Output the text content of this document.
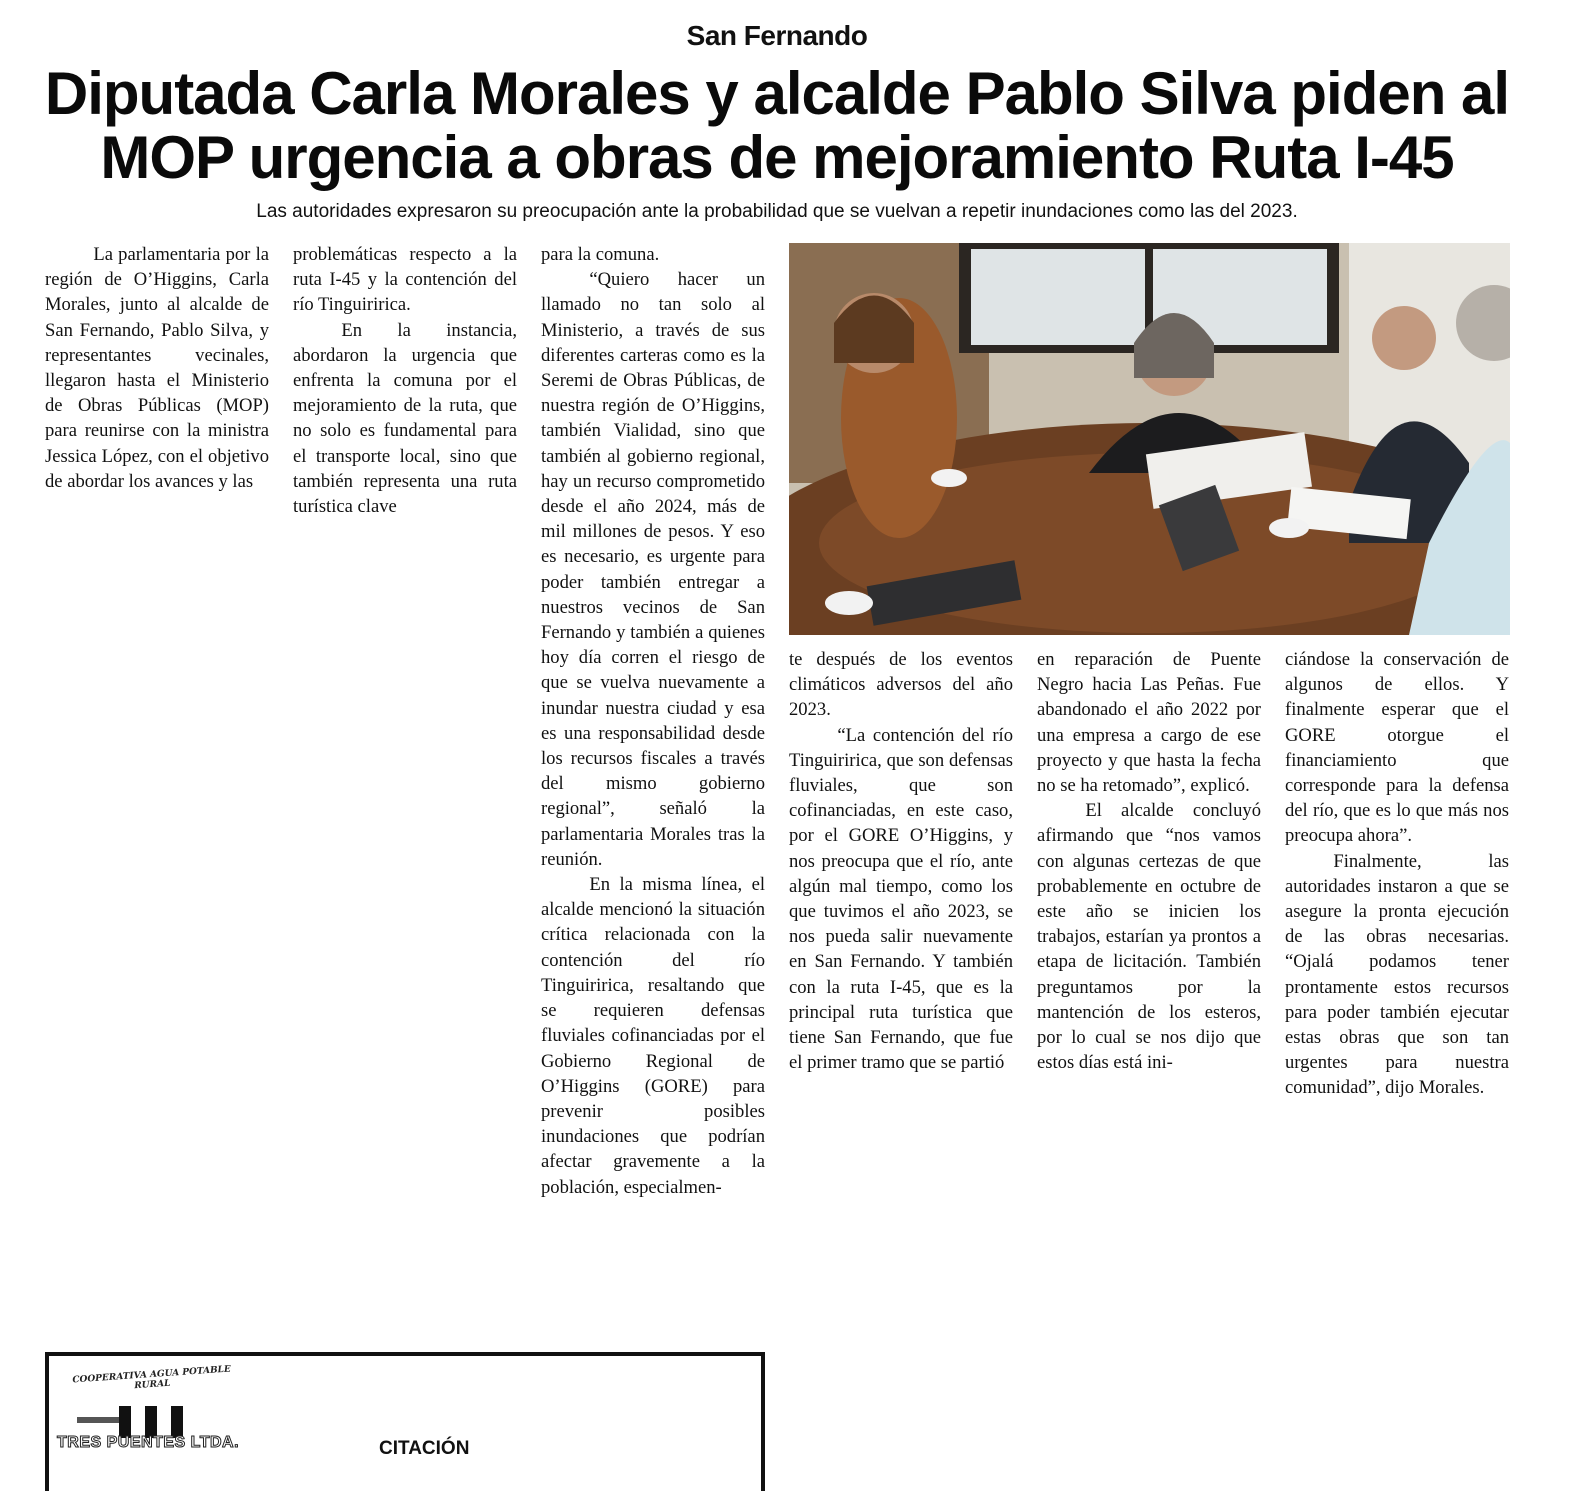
San Fernando
Diputada Carla Morales y alcalde Pablo Silva piden al MOP urgencia a obras de mejoramiento Ruta I-45
Las autoridades expresaron su preocupación ante la probabilidad que se vuelvan a repetir inundaciones como las del 2023.

La parlamentaria por la región de O’Higgins, Carla Morales, junto al alcalde de San Fernando, Pablo Silva, y representantes vecinales, llegaron hasta el Ministerio de Obras Públicas (MOP) para reunirse con la ministra Jessica López, con el objetivo de abordar los avances y las

problemáticas respecto a la ruta I-45 y la contención del río Tinguiririca.

En la instancia, abordaron la urgencia que enfrenta la comuna por el mejoramiento de la ruta, que no solo es fundamental para el transporte local, sino que también representa una ruta turística clave

para la comuna.

“Quiero hacer un llamado no tan solo al Ministerio, a través de sus diferentes carteras como es la Seremi de Obras Públicas, de nuestra región de O’Higgins, también Vialidad, sino que también al gobierno regional, hay un recurso comprometido desde el año 2024, más de mil millones de pesos. Y eso es necesario, es urgente para poder también entregar a nuestros vecinos de San Fernando y también a quienes hoy día corren el riesgo de que se vuelva nuevamente a inundar nuestra ciudad y esa es una responsabilidad desde los recursos fiscales a través del mismo gobierno regional”, señaló la parlamentaria Morales tras la reunión.

En la misma línea, el alcalde mencionó la situación crítica relacionada con la contención del río Tinguiririca, resaltando que se requieren defensas fluviales cofinanciadas por el Gobierno Regional de O’Higgins (GORE) para prevenir posibles inundaciones que podrían afectar gravemente a la población, especialmen-

te después de los eventos climáticos adversos del año 2023.

“La contención del río Tinguiririca, que son defensas fluviales, que son cofinanciadas, en este caso, por el GORE O’Higgins, y nos preocupa que el río, ante algún mal tiempo, como los que tuvimos el año 2023, se nos pueda salir nuevamente en San Fernando. Y también con la ruta I-45, que es la principal ruta turística que tiene San Fernando, que fue el primer tramo que se partió

en reparación de Puente Negro hacia Las Peñas. Fue abandonado el año 2022 por una empresa a cargo de ese proyecto y que hasta la fecha no se ha retomado”, explicó.

El alcalde concluyó afirmando que “nos vamos con algunas certezas de que probablemente en octubre de este año se inicien los trabajos, estarían ya prontos a etapa de licitación. También preguntamos por la mantención de los esteros, por lo cual se nos dijo que estos días está ini-

ciándose la conservación de algunos de ellos. Y finalmente esperar que el GORE otorgue el financiamiento que corresponde para la defensa del río, que es lo que más nos preocupa ahora”.

Finalmente, las autoridades instaron a que se asegure la pronta ejecución de las obras necesarias. “Ojalá podamos tener prontamente estos recursos para poder también ejecutar estas obras que son tan urgentes para nuestra comunidad”, dijo Morales.

COOPERATIVA AGUA POTABLE RURAL
TRES PUENTES LTDA.	CITACIÓN
